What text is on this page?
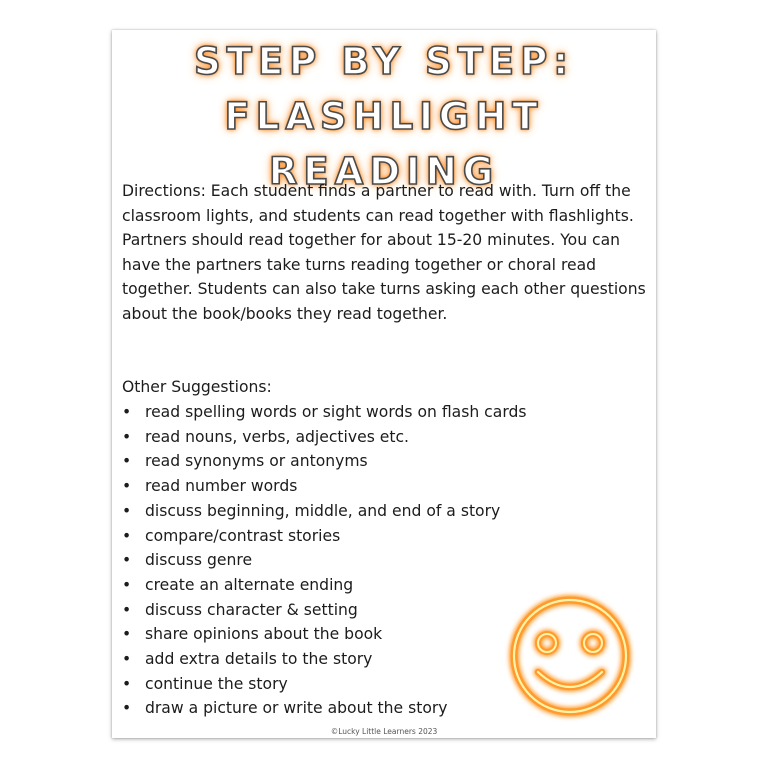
STEP BY STEP:
FLASHLIGHT
READING

Directions: Each student finds a partner to read with. Turn off the classroom lights, and students can read together with flashlights. Partners should read together for about 15-20 minutes. You can have the partners take turns reading together or choral read together. Students can also take turns asking each other questions about the book/books they read together.

Other Suggestions:

• read spelling words or sight words on flash cards
• read nouns, verbs, adjectives etc.
• read synonyms or antonyms
• read number words
• discuss beginning, middle, and end of a story
• compare/contrast stories
• discuss genre
• create an alternate ending
• discuss character & setting
• share opinions about the book
• add extra details to the story
• continue the story
• draw a picture or write about the story
©Lucky Little Learners 2023
